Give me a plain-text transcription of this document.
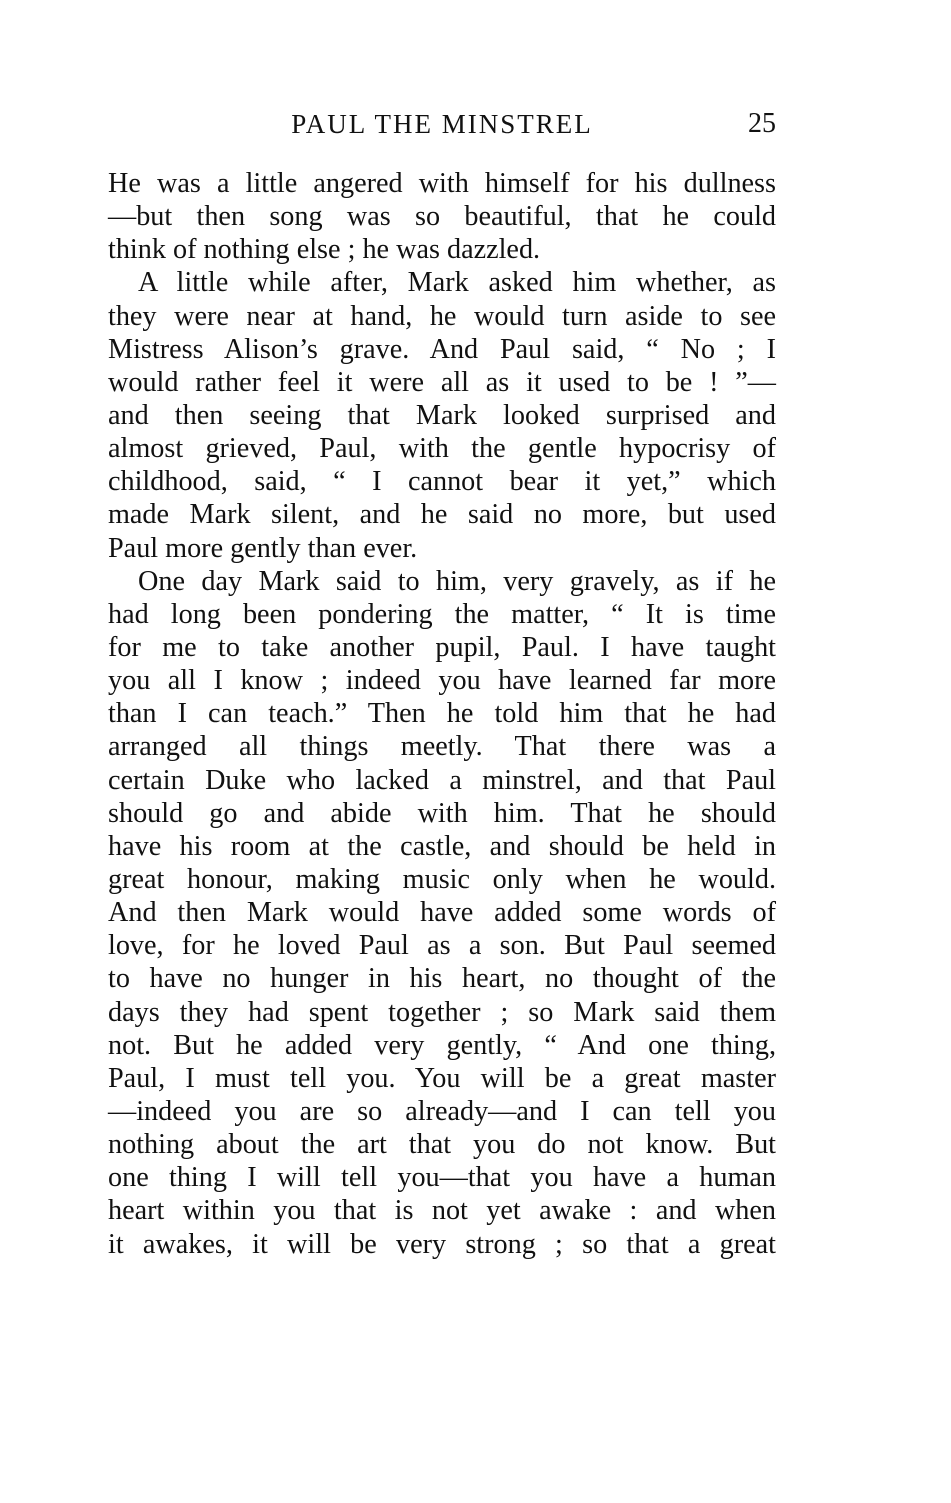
PAUL THE MINSTREL	25
He was a little angered with himself for his dullness
—but then song was so beautiful, that he could
think of nothing else ; he was dazzled.
A little while after, Mark asked him whether, as
they were near at hand, he would turn aside to see
Mistress Alison’s grave. And Paul said, “ No ; I
would rather feel it were all as it used to be ! ”—
and then seeing that Mark looked surprised and
almost grieved, Paul, with the gentle hypocrisy of
childhood, said, “ I cannot bear it yet,” which
made Mark silent, and he said no more, but used
Paul more gently than ever.
One day Mark said to him, very gravely, as if he
had long been pondering the matter, “ It is time
for me to take another pupil, Paul. I have taught
you all I know ; indeed you have learned far more
than I can teach.” Then he told him that he had
arranged all things meetly. That there was a
certain Duke who lacked a minstrel, and that Paul
should go and abide with him. That he should
have his room at the castle, and should be held in
great honour, making music only when he would.
And then Mark would have added some words of
love, for he loved Paul as a son. But Paul seemed
to have no hunger in his heart, no thought of the
days they had spent together ; so Mark said them
not. But he added very gently, “ And one thing,
Paul, I must tell you. You will be a great master
—indeed you are so already—and I can tell you
nothing about the art that you do not know. But
one thing I will tell you—that you have a human
heart within you that is not yet awake : and when
it awakes, it will be very strong ; so that a great
